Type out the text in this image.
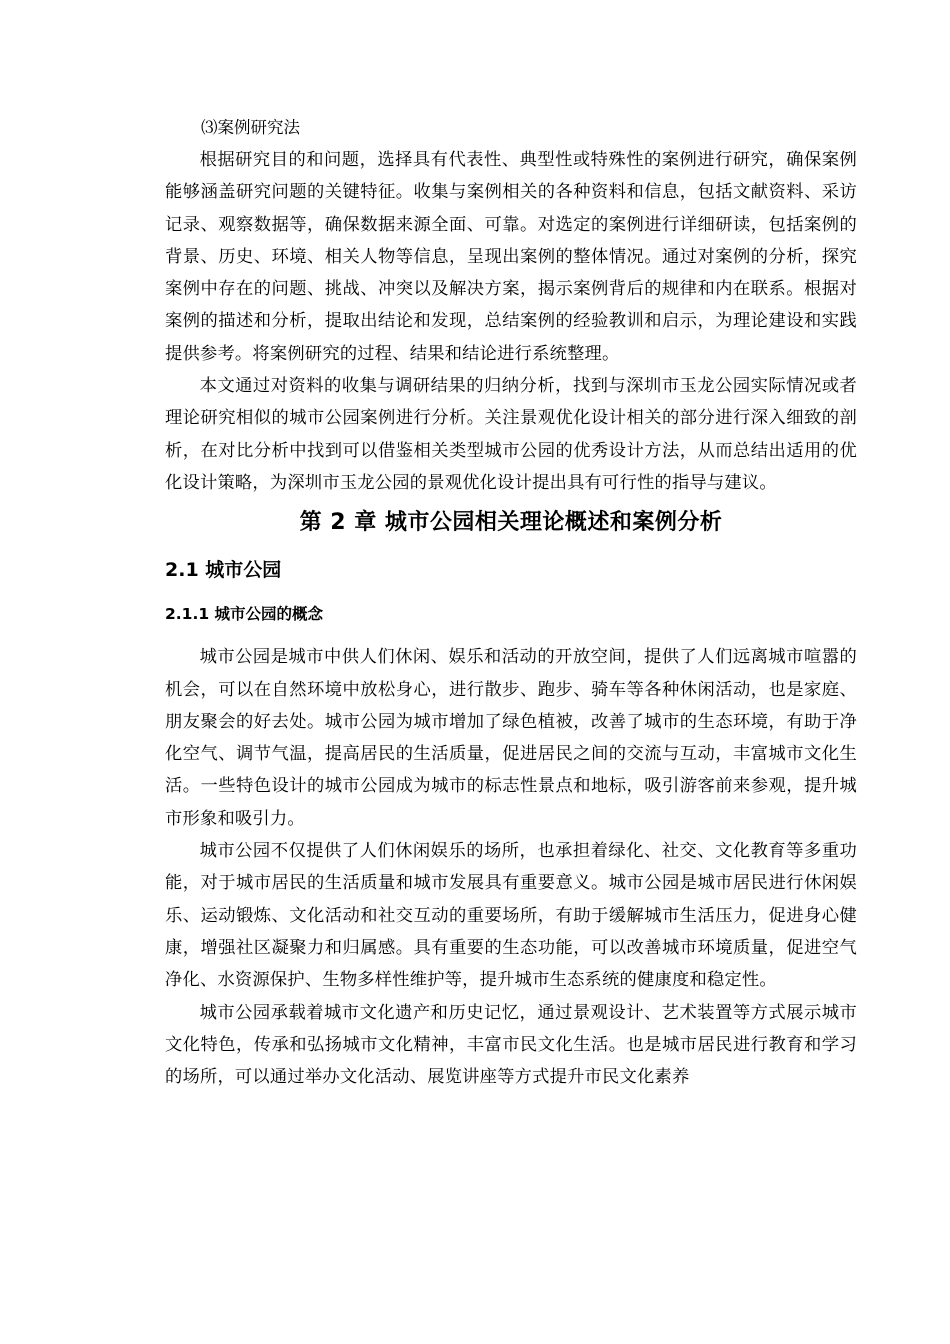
⑶案例研究法

根据研究目的和问题，选择具有代表性、典型性或特殊性的案例进行研究，确保案例能够涵盖研究问题的关键特征。收集与案例相关的各种资料和信息，包括文献资料、采访记录、观察数据等，确保数据来源全面、可靠。对选定的案例进行详细研读，包括案例的背景、历史、环境、相关人物等信息，呈现出案例的整体情况。通过对案例的分析，探究案例中存在的问题、挑战、冲突以及解决方案，揭示案例背后的规律和内在联系。根据对案例的描述和分析，提取出结论和发现，总结案例的经验教训和启示，为理论建设和实践提供参考。将案例研究的过程、结果和结论进行系统整理。

本文通过对资料的收集与调研结果的归纳分析，找到与深圳市玉龙公园实际情况或者理论研究相似的城市公园案例进行分析。关注景观优化设计相关的部分进行深入细致的剖析，在对比分析中找到可以借鉴相关类型城市公园的优秀设计方法，从而总结出适用的优化设计策略，为深圳市玉龙公园的景观优化设计提出具有可行性的指导与建议。

第 2 章 城市公园相关理论概述和案例分析
2.1 城市公园
2.1.1 城市公园的概念

城市公园是城市中供人们休闲、娱乐和活动的开放空间，提供了人们远离城市喧嚣的机会，可以在自然环境中放松身心，进行散步、跑步、骑车等各种休闲活动，也是家庭、朋友聚会的好去处。城市公园为城市增加了绿色植被，改善了城市的生态环境，有助于净化空气、调节气温，提高居民的生活质量，促进居民之间的交流与互动，丰富城市文化生活。一些特色设计的城市公园成为城市的标志性景点和地标，吸引游客前来参观，提升城市形象和吸引力。

城市公园不仅提供了人们休闲娱乐的场所，也承担着绿化、社交、文化教育等多重功能，对于城市居民的生活质量和城市发展具有重要意义。城市公园是城市居民进行休闲娱乐、运动锻炼、文化活动和社交互动的重要场所，有助于缓解城市生活压力，促进身心健康，增强社区凝聚力和归属感。具有重要的生态功能，可以改善城市环境质量，促进空气净化、水资源保护、生物多样性维护等，提升城市生态系统的健康度和稳定性。

城市公园承载着城市文化遗产和历史记忆，通过景观设计、艺术装置等方式展示城市文化特色，传承和弘扬城市文化精神，丰富市民文化生活。也是城市居民进行教育和学习的场所，可以通过举办文化活动、展览讲座等方式提升市民文化素养
